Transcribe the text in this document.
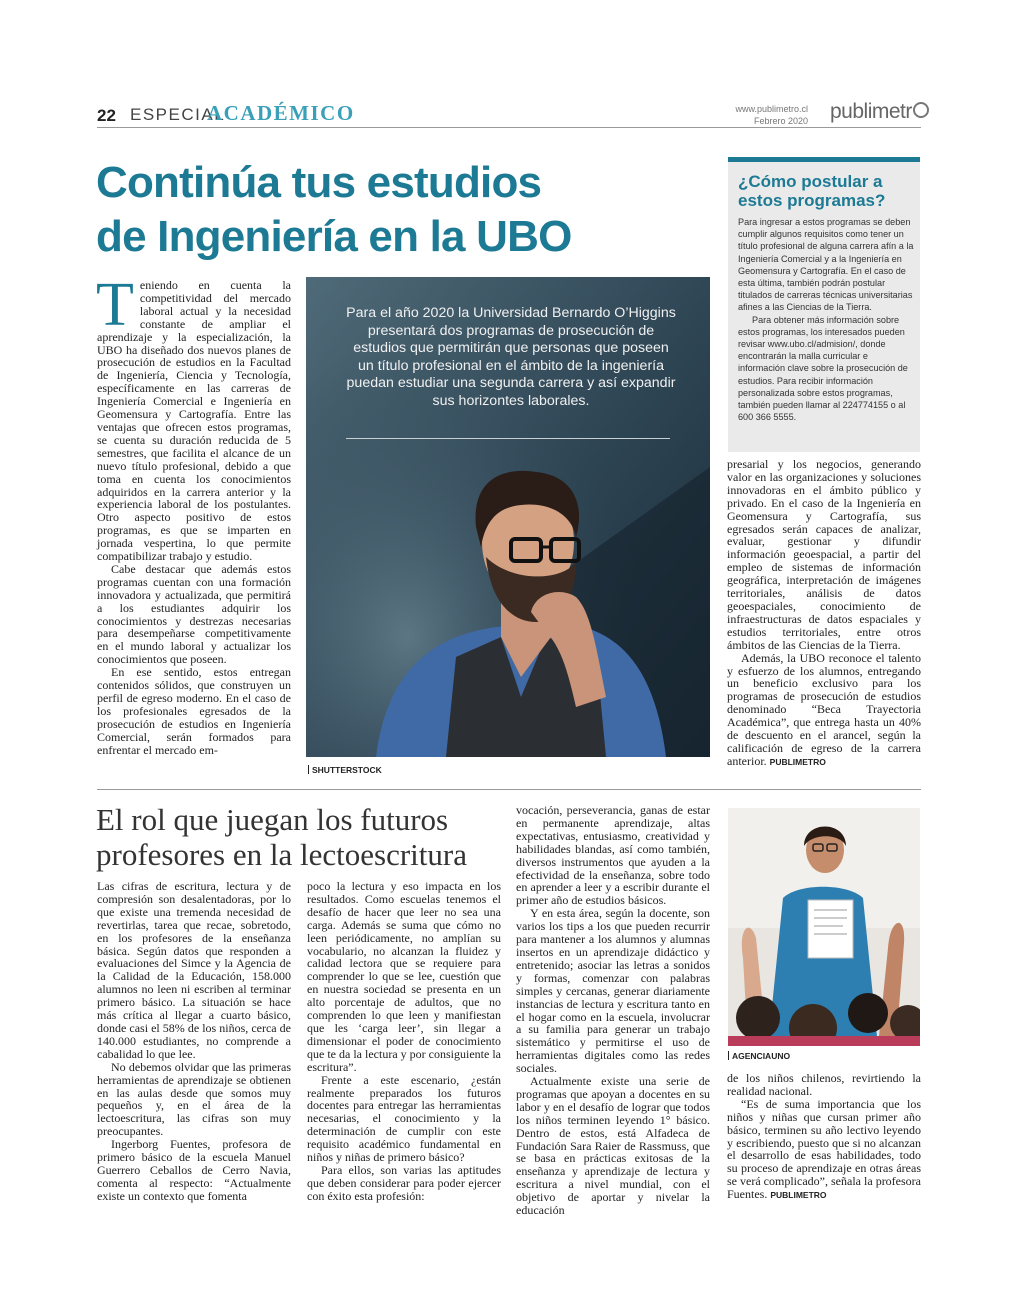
22 ESPECIAL
ACADÉMICO	www.publimetro.cl
Febrero 2020 publimetr
Continúa tus estudios
de Ingeniería en la UBO
¿Cómo postular a estos programas?

Para ingresar a estos programas se deben cumplir algunos requisitos como tener un título profesional de alguna carrera afín a la Ingeniería Comercial y a la Ingeniería en Geomensura y Cartografía. En el caso de esta última, también podrán postular titulados de carreras técnicas universitarias afines a las Ciencias de la Tierra.

Para obtener más información sobre estos programas, los interesados pueden revisar www.ubo.cl/admision/, donde encontrarán la malla curricular e información clave sobre la prosecución de estudios. Para recibir información personalizada sobre estos programas, también pueden llamar al 224774155 o al 600 366 5555.

Teniendo en cuenta la competitividad del mercado laboral actual y la necesidad constante de ampliar el aprendizaje y la especialización, la UBO ha diseñado dos nuevos planes de prosecución de estudios en la Facultad de Ingeniería, Ciencia y Tecnología, específicamente en las carreras de Ingeniería Comercial e Ingeniería en Geomensura y Cartografía. Entre las ventajas que ofrecen estos programas, se cuenta su duración reducida de 5 semestres, que facilita el alcance de un nuevo título profesional, debido a que toma en cuenta los conocimientos adquiridos en la carrera anterior y la experiencia laboral de los postulantes. Otro aspecto positivo de estos programas, es que se imparten en jornada vespertina, lo que permite compatibilizar trabajo y estudio.

Cabe destacar que además estos programas cuentan con una formación innovadora y actualizada, que permitirá a los estudiantes adquirir los conocimientos y destrezas necesarias para desempeñarse competitivamente en el mundo laboral y actualizar los conocimientos que poseen.

En ese sentido, estos entregan contenidos sólidos, que construyen un perfil de egreso moderno. En el caso de los profesionales egresados de la prosecución de estudios en Ingeniería Comercial, serán formados para enfrentar el mercado em-

Para el año 2020 la Universidad Bernardo O’Higgins presentará dos programas de prosecución de estudios que permitirán que personas que poseen un título profesional en el ámbito de la ingeniería puedan estudiar una segunda carrera y así expandir sus horizontes laborales.
SHUTTERSTOCK

presarial y los negocios, generando valor en las organizaciones y soluciones innovadoras en el ámbito público y privado. En el caso de la Ingeniería en Geomensura y Cartografía, sus egresados serán capaces de analizar, evaluar, gestionar y difundir información geoespacial, a partir del empleo de sistemas de información geográfica, interpretación de imágenes territoriales, análisis de datos geoespaciales, conocimiento de infraestructuras de datos espaciales y estudios territoriales, entre otros ámbitos de las Ciencias de la Tierra.

Además, la UBO reconoce el talento y esfuerzo de los alumnos, entregando un beneficio exclusivo para los programas de prosecución de estudios denominado “Beca Trayectoria Académica”, que entrega hasta un 40% de descuento en el arancel, según la calificación de egreso de la carrera anterior. PUBLIMETRO

El rol que juegan los futuros
profesores en la lectoescritura

Las cifras de escritura, lectura y de compresión son desalentadoras, por lo que existe una tremenda necesidad de revertirlas, tarea que recae, sobretodo, en los profesores de la enseñanza básica. Según datos que responden a evaluaciones del Simce y la Agencia de la Calidad de la Educación, 158.000 alumnos no leen ni escriben al terminar primero básico. La situación se hace más crítica al llegar a cuarto básico, donde casi el 58% de los niños, cerca de 140.000 estudiantes, no comprende a cabalidad lo que lee.

No debemos olvidar que las primeras herramientas de aprendizaje se obtienen en las aulas desde que somos muy pequeños y, en el área de la lectoescritura, las cifras son muy preocupantes.

Ingerborg Fuentes, profesora de primero básico de la escuela Manuel Guerrero Ceballos de Cerro Navia, comenta al respecto: “Actualmente existe un contexto que fomenta

poco la lectura y eso impacta en los resultados. Como escuelas tenemos el desafío de hacer que leer no sea una carga. Además se suma que cómo no leen periódicamente, no amplían su vocabulario, no alcanzan la fluidez y calidad lectora que se requiere para comprender lo que se lee, cuestión que en nuestra sociedad se presenta en un alto porcentaje de adultos, que no comprenden lo que leen y manifiestan que les ‘carga leer’, sin llegar a dimensionar el poder de conocimiento que te da la lectura y por consiguiente la escritura”.

Frente a este escenario, ¿están realmente preparados los futuros docentes para entregar las herramientas necesarias, el conocimiento y la determinación de cumplir con este requisito académico fundamental en niños y niñas de primero básico?

Para ellos, son varias las aptitudes que deben considerar para poder ejercer con éxito esta profesión:

vocación, perseverancia, ganas de estar en permanente aprendizaje, altas expectativas, entusiasmo, creatividad y habilidades blandas, así como también, diversos instrumentos que ayuden a la efectividad de la enseñanza, sobre todo en aprender a leer y a escribir durante el primer año de estudios básicos.

Y en esta área, según la docente, son varios los tips a los que pueden recurrir para mantener a los alumnos y alumnas insertos en un aprendizaje didáctico y entretenido; asociar las letras a sonidos y formas, comenzar con palabras simples y cercanas, generar diariamente instancias de lectura y escritura tanto en el hogar como en la escuela, involucrar a su familia para generar un trabajo sistemático y permitirse el uso de herramientas digitales como las redes sociales.

Actualmente existe una serie de programas que apoyan a docentes en su labor y en el desafío de lograr que todos los niños terminen leyendo 1° básico. Dentro de estos, está Alfadeca de Fundación Sara Raier de Rassmuss, que se basa en prácticas exitosas de la enseñanza y aprendizaje de lectura y escritura a nivel mundial, con el objetivo de aportar y nivelar la educación

AGENCIAUNO

de los niños chilenos, revirtiendo la realidad nacional.

“Es de suma importancia que los niños y niñas que cursan primer año básico, terminen su año lectivo leyendo y escribiendo, puesto que si no alcanzan el desarrollo de esas habilidades, todo su proceso de aprendizaje en otras áreas se verá complicado”, señala la profesora Fuentes. PUBLIMETRO
